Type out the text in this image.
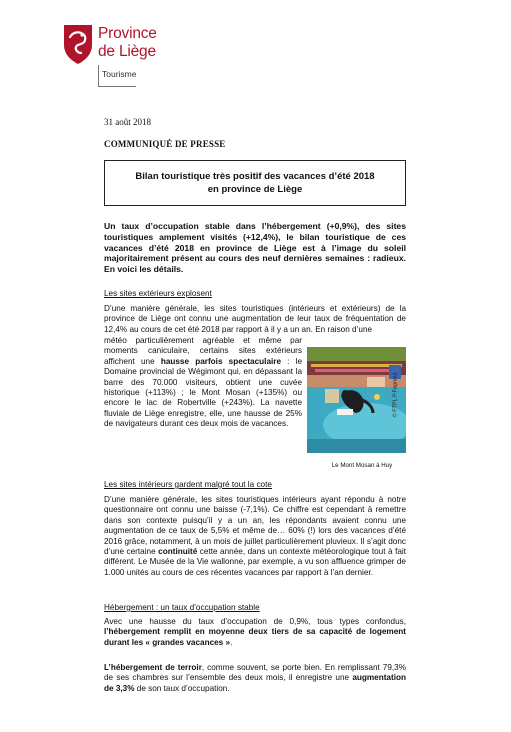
Province
de Liège
Tourisme
31 août 2018
COMMUNIQUÉ DE PRESSE
Bilan touristique très positif des vacances d’été 2018
en province de Liège
Un taux d’occupation stable dans l’hébergement (+0,9%), des sites touristiques amplement visités (+12,4%), le bilan touristique de ces vacances d’été 2018 en province de Liège est à l’image du soleil majoritairement présent au cours des neuf dernières semaines : radieux. En voici les détails.
Les sites extérieurs explosent
D’une manière générale, les sites touristiques (intérieurs et extérieurs) de la province de Liège ont connu une augmentation de leur taux de fréquentation de 12,4% au cours de cet été 2018 par rapport à il y a un an. En raison d’une
météo particulièrement agréable et même par moments caniculaire, certains sites extérieurs affichent une hausse parfois spectaculaire : le Domaine provincial de Wégimont qui, en dépassant la barre des 70.000 visiteurs, obtient une cuvée historique (+113%) ; le Mont Mosan (+135%) ou encore le lac de Robertville (+243%). La navette fluviale de Liège enregistre, elle, une hausse de 25% de navigateurs durant ces deux mois de vacances.
© FTPL P.Fagnoul
Le Mont Mosan à Huy
Les sites intérieurs gardent malgré tout la cote
D’une manière générale, les sites touristiques intérieurs ayant répondu à notre questionnaire ont connu une baisse (-7,1%). Ce chiffre est cependant à remettre dans son contexte puisqu’il y a un an, les répondants avaient connu une augmentation de ce taux de 5,5% et même de… 60% (!) lors des vacances d’été 2016 grâce, notamment, à un mois de juillet particulièrement pluvieux. Il s’agit donc d’une certaine continuité cette année, dans un contexte météorologique tout à fait différent. Le Musée de la Vie wallonne, par exemple, a vu son affluence grimper de 1.000 unités au cours de ces récentes vacances par rapport à l’an dernier.
Hébergement : un taux d’occupation stable
Avec une hausse du taux d’occupation de 0,9%, tous types confondus, l’hébergement remplit en moyenne deux tiers de sa capacité de logement durant les « grandes vacances ».
L’hébergement de terroir, comme souvent, se porte bien. En remplissant 79,3% de ses chambres sur l’ensemble des deux mois, il enregistre une augmentation de 3,3% de son taux d’occupation.
